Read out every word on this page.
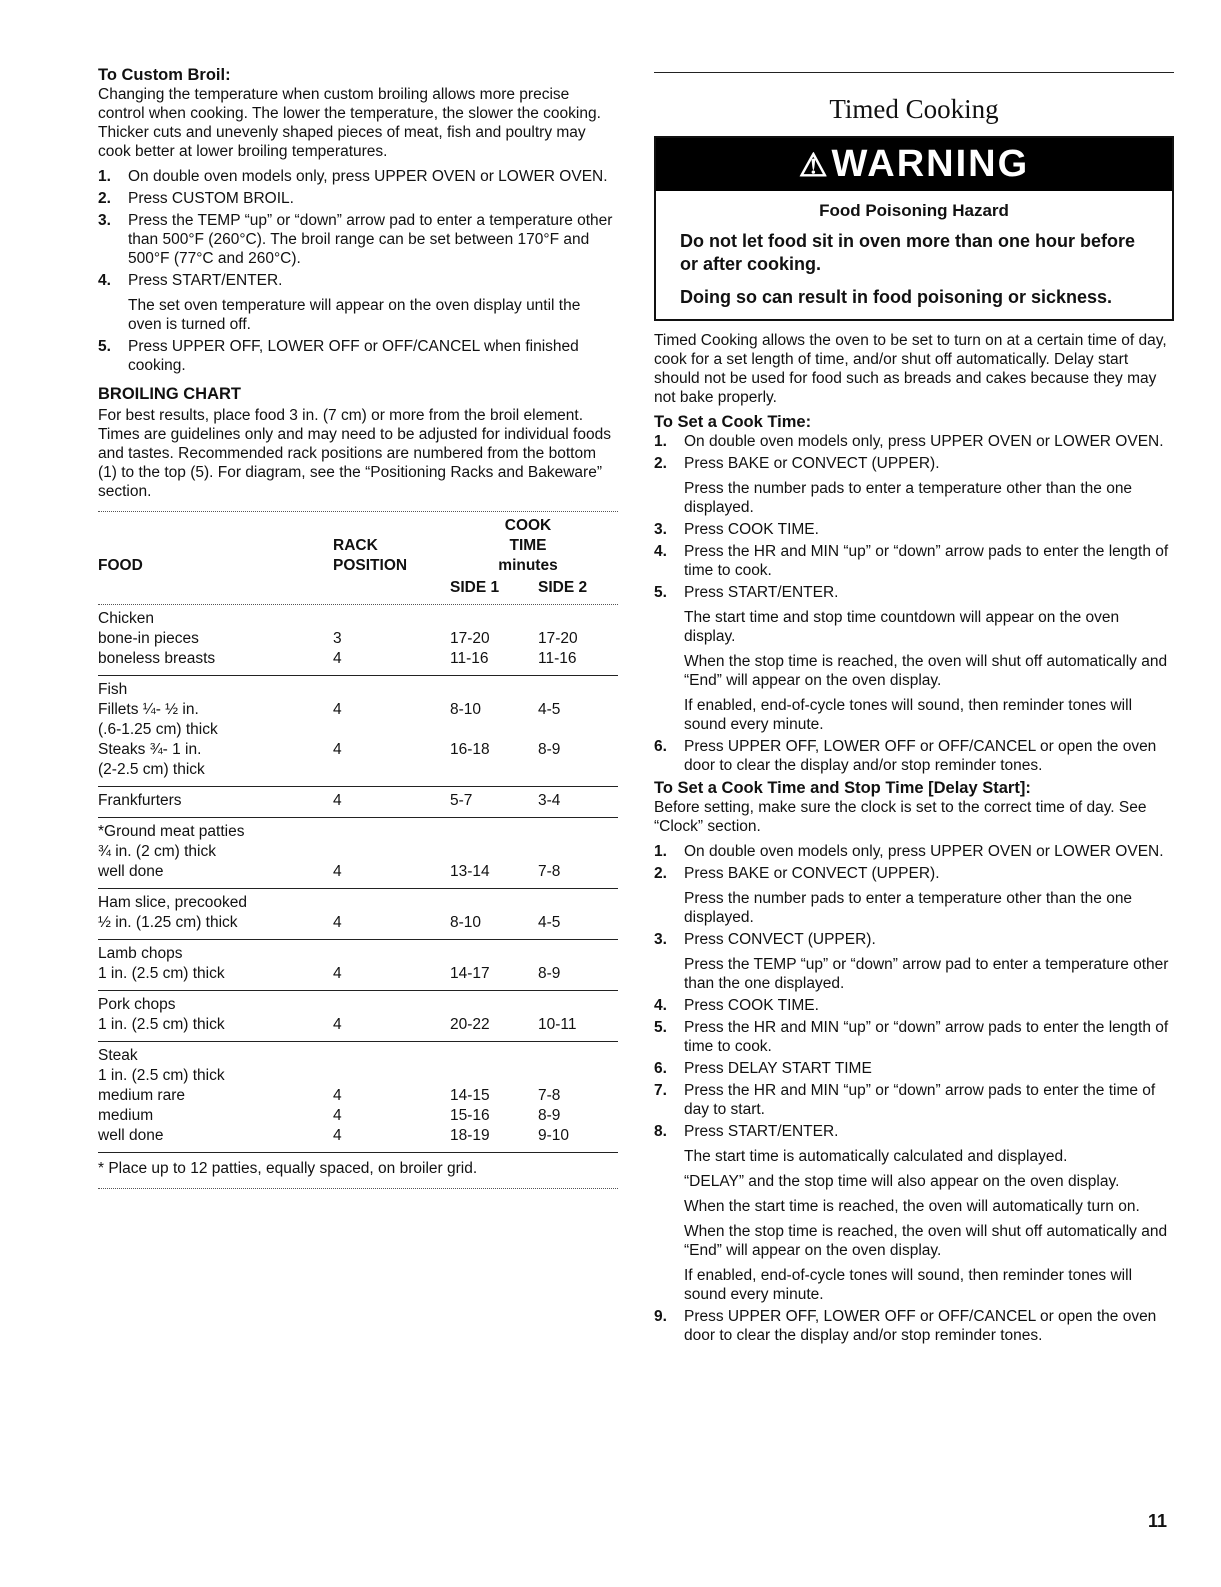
To Custom Broil:

Changing the temperature when custom broiling allows more precise control when cooking. The lower the temperature, the slower the cooking. Thicker cuts and unevenly shaped pieces of meat, fish and poultry may cook better at lower broiling temperatures.

1. On double oven models only, press UPPER OVEN or LOWER OVEN.
2. Press CUSTOM BROIL.
3. Press the TEMP “up” or “down” arrow pad to enter a temperature other than 500°F (260°C). The broil range can be set between 170°F and 500°F (77°C and 260°C).
4. Press START/ENTER.
The set oven temperature will appear on the oven display until the oven is turned off.
5. Press UPPER OFF, LOWER OFF or OFF/CANCEL when finished cooking.

BROILING CHART

For best results, place food 3 in. (7 cm) or more from the broil element. Times are guidelines only and may need to be adjusted for individual foods and tastes. Recommended rack positions are numbered from the bottom (1) to the top (5). For diagram, see the “Positioning Racks and Bakeware” section.

FOOD
RACK
POSITION
COOK
TIME
minutes
SIDE 1	SIDE 2
Chicken
bone-in pieces	3	17-20	17-20
boneless breasts	4	11-16	11-16
Fish
Fillets ¼- ½ in.	4	8-10	4-5
(.6-1.25 cm) thick
Steaks ¾- 1 in.	4	16-18	8-9
(2-2.5 cm) thick
Frankfurters	4	5-7	3-4
*Ground meat patties
¾ in. (2 cm) thick
well done	4	13-14	7-8
Ham slice, precooked
½ in. (1.25 cm) thick	4	8-10	4-5
Lamb chops
1 in. (2.5 cm) thick	4	14-17	8-9
Pork chops
1 in. (2.5 cm) thick	4	20-22	10-11
Steak
1 in. (2.5 cm) thick
medium rare	4	14-15	7-8
medium	4	15-16	8-9
well done	4	18-19	9-10

* Place up to 12 patties, equally spaced, on broiler grid.

Timed Cooking
⚠WARNING
Food Poisoning Hazard

Do not let food sit in oven more than one hour before or after cooking.

Doing so can result in food poisoning or sickness.

Timed Cooking allows the oven to be set to turn on at a certain time of day, cook for a set length of time, and/or shut off automatically. Delay start should not be used for food such as breads and cakes because they may not bake properly.

To Set a Cook Time:

1. On double oven models only, press UPPER OVEN or LOWER OVEN.
2. Press BAKE or CONVECT (UPPER).
Press the number pads to enter a temperature other than the one displayed.
3. Press COOK TIME.
4. Press the HR and MIN “up” or “down” arrow pads to enter the length of time to cook.
5. Press START/ENTER.
The start time and stop time countdown will appear on the oven display.
When the stop time is reached, the oven will shut off automatically and “End” will appear on the oven display.
If enabled, end-of-cycle tones will sound, then reminder tones will sound every minute.
6. Press UPPER OFF, LOWER OFF or OFF/CANCEL or open the oven door to clear the display and/or stop reminder tones.

To Set a Cook Time and Stop Time [Delay Start]:

Before setting, make sure the clock is set to the correct time of day. See “Clock” section.

1. On double oven models only, press UPPER OVEN or LOWER OVEN.
2. Press BAKE or CONVECT (UPPER).
Press the number pads to enter a temperature other than the one displayed.
3. Press CONVECT (UPPER).
Press the TEMP “up” or “down” arrow pad to enter a temperature other than the one displayed.
4. Press COOK TIME.
5. Press the HR and MIN “up” or “down” arrow pads to enter the length of time to cook.
6. Press DELAY START TIME
7. Press the HR and MIN “up” or “down” arrow pads to enter the time of day to start.
8. Press START/ENTER.
The start time is automatically calculated and displayed.
“DELAY” and the stop time will also appear on the oven display.
When the start time is reached, the oven will automatically turn on.
When the stop time is reached, the oven will shut off automatically and “End” will appear on the oven display.
If enabled, end-of-cycle tones will sound, then reminder tones will sound every minute.
9. Press UPPER OFF, LOWER OFF or OFF/CANCEL or open the oven door to clear the display and/or stop reminder tones.
11
